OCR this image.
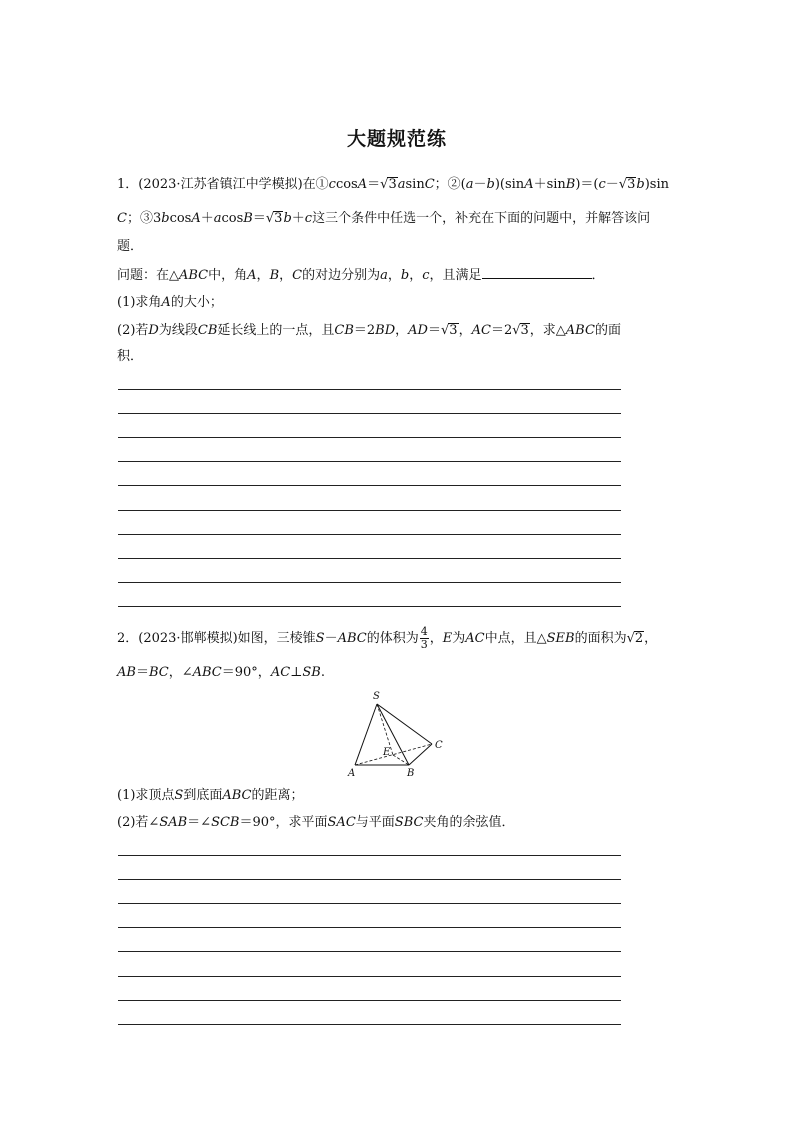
大题规范练
1．(2023·江苏省镇江中学模拟)在①ccosA＝√3asinC；②(a－b)(sinA＋sinB)＝(c－√3b)sin
C；③3bcosA＋acosB＝√3b＋c这三个条件中任选一个，补充在下面的问题中，并解答该问
题．
问题：在△ABC中，角A，B，C的对边分别为a，b，c，且满足	．
(1)求角A的大小；
(2)若D为线段CB延长线上的一点，且CB＝2BD，AD＝√3，AC＝2√3，求△ABC的面
积．
2．(2023·邯郸模拟)如图，三棱锥S－ABC的体积为 $\frac{4}{3}$ ，E为AC中点，且△SEB的面积为√2，
AB＝BC，∠ABC＝90°，AC⊥SB.
S
A	B
C
E
(1)求顶点S到底面ABC的距离；
(2)若∠SAB＝∠SCB＝90°，求平面SAC与平面SBC夹角的余弦值．
